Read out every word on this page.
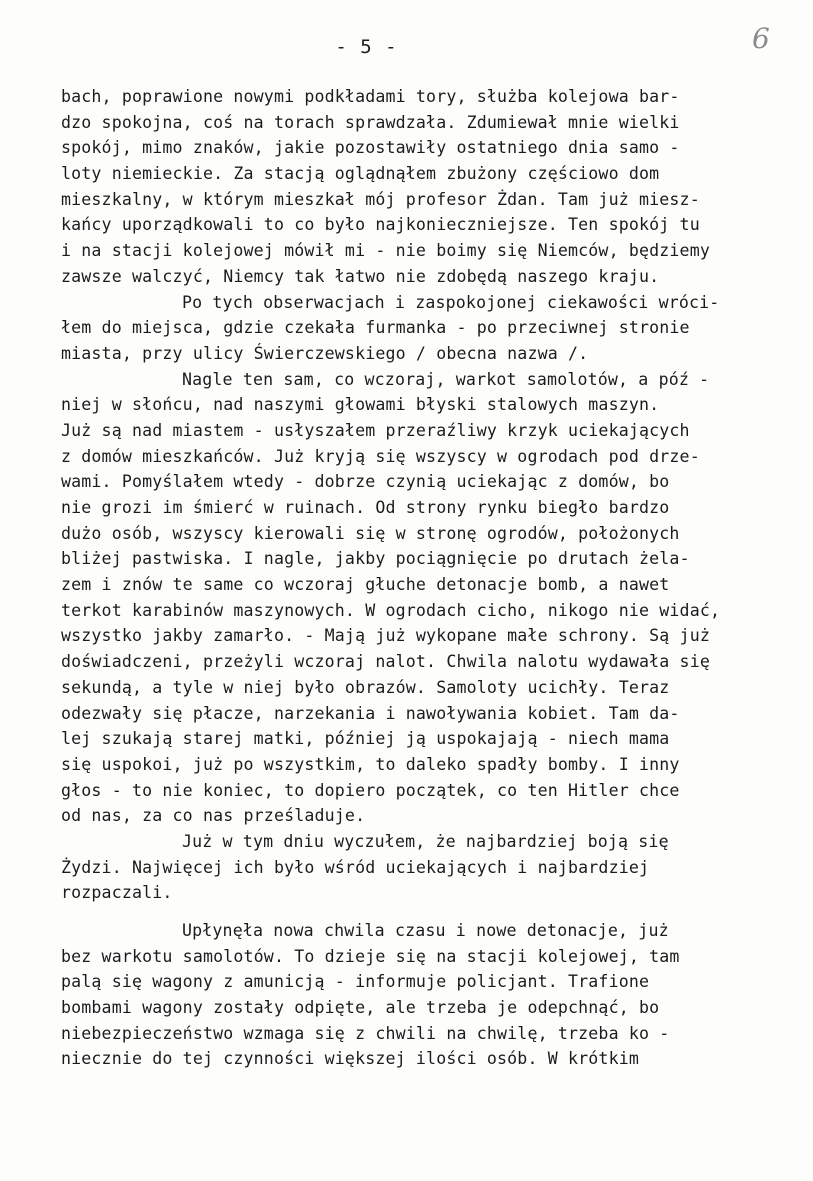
- 5 -	6
bach, poprawione nowymi podkładami tory, służba kolejowa bar-
dzo spokojna, coś na torach sprawdzała. Zdumiewał mnie wielki
spokój, mimo znaków, jakie pozostawiły ostatniego dnia samo -
loty niemieckie. Za stacją oglądnąłem zbużony częściowo dom
mieszkalny, w którym mieszkał mój profesor Żdan. Tam już miesz-
kańcy uporządkowali to co było najkonieczniejsze. Ten spokój tu
i na stacji kolejowej mówił mi - nie boimy się Niemców, będziemy
zawsze walczyć, Niemcy tak łatwo nie zdobędą naszego kraju.
Po tych obserwacjach i zaspokojonej ciekawości wróci-
łem do miejsca, gdzie czekała furmanka - po przeciwnej stronie
miasta, przy ulicy Świerczewskiego / obecna nazwa /.
Nagle ten sam, co wczoraj, warkot samolotów, a póź -
niej w słońcu, nad naszymi głowami błyski stalowych maszyn.
Już są nad miastem - usłyszałem przeraźliwy krzyk uciekających
z domów mieszkańców. Już kryją się wszyscy w ogrodach pod drze-
wami. Pomyślałem wtedy - dobrze czynią uciekając z domów, bo
nie grozi im śmierć w ruinach. Od strony rynku biegło bardzo
dużo osób, wszyscy kierowali się w stronę ogrodów, położonych
bliżej pastwiska. I nagle, jakby pociągnięcie po drutach żela-
zem i znów te same co wczoraj głuche detonacje bomb, a nawet
terkot karabinów maszynowych. W ogrodach cicho, nikogo nie widać,
wszystko jakby zamarło. - Mają już wykopane małe schrony. Są już
doświadczeni, przeżyli wczoraj nalot. Chwila nalotu wydawała się
sekundą, a tyle w niej było obrazów. Samoloty ucichły. Teraz
odezwały się płacze, narzekania i nawoływania kobiet. Tam da-
lej szukają starej matki, później ją uspokajają - niech mama
się uspokoi, już po wszystkim, to daleko spadły bomby. I inny
głos - to nie koniec, to dopiero początek, co ten Hitler chce
od nas, za co nas prześladuje.
Już w tym dniu wyczułem, że najbardziej boją się
Żydzi. Najwięcej ich było wśród uciekających i najbardziej
rozpaczali.
Upłynęła nowa chwila czasu i nowe detonacje, już
bez warkotu samolotów. To dzieje się na stacji kolejowej, tam
palą się wagony z amunicją - informuje policjant. Trafione
bombami wagony zostały odpięte, ale trzeba je odepchnąć, bo
niebezpieczeństwo wzmaga się z chwili na chwilę, trzeba ko -
niecznie do tej czynności większej ilości osób. W krótkim
